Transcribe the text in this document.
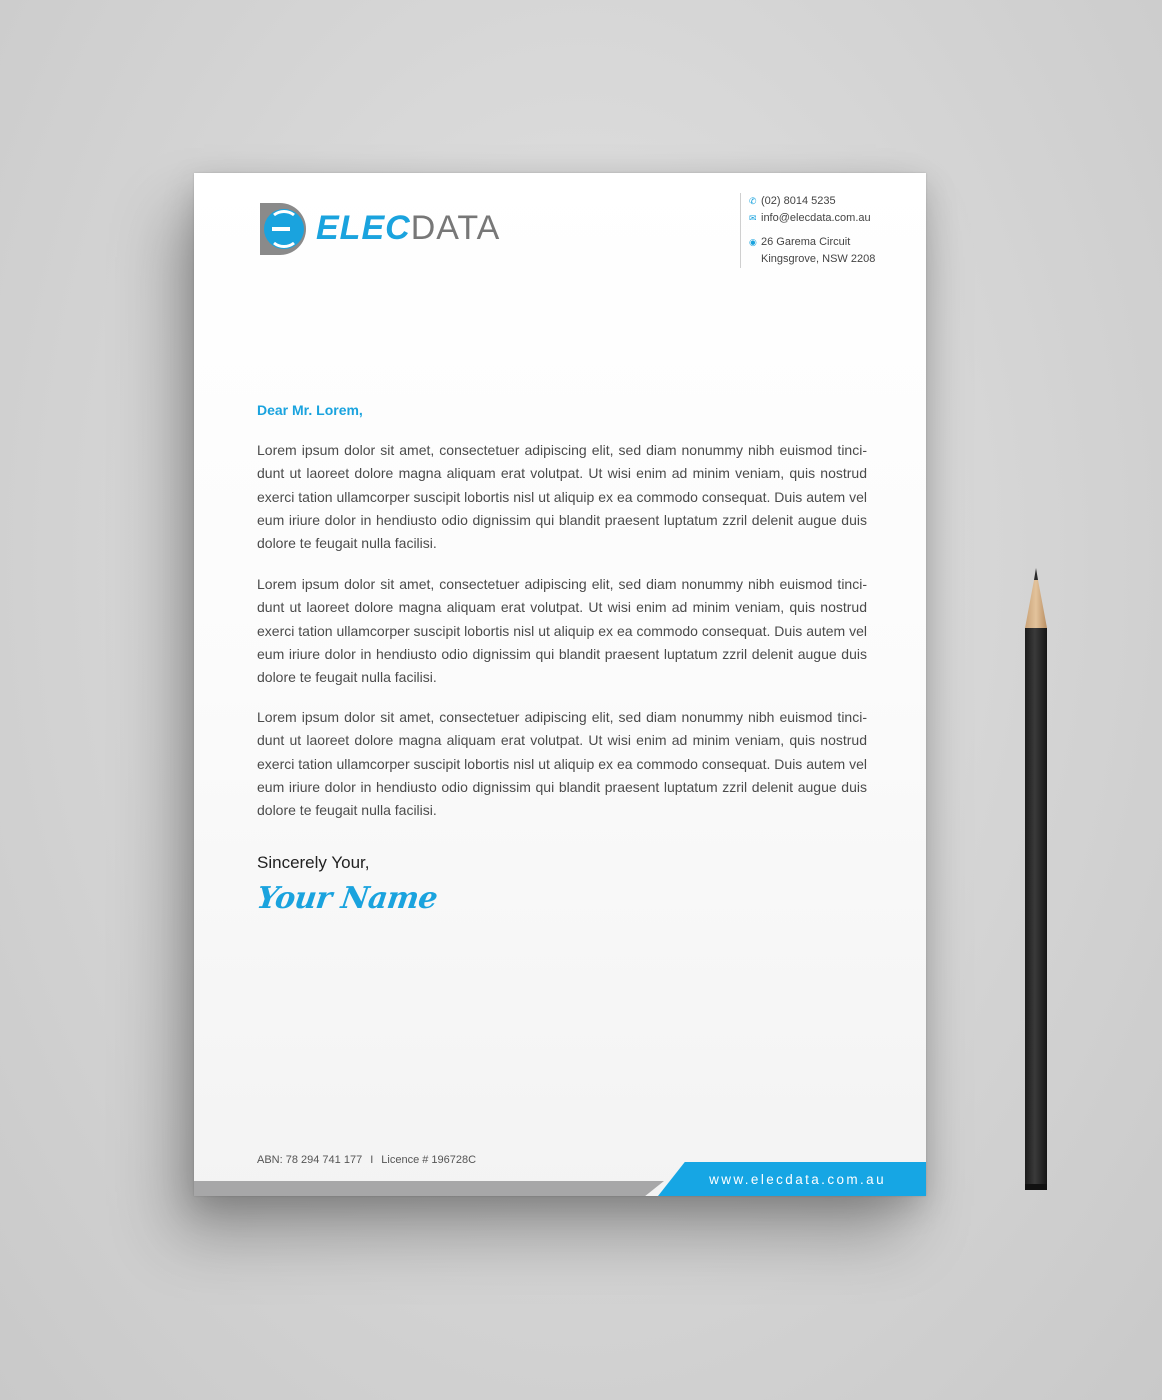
ELECDATA
✆ (02) 8014 5235
✉ info@elecdata.com.au
◉ 26 Garema Circuit
Kingsgrove, NSW 2208
Dear Mr. Lorem,
Lorem ipsum dolor sit amet, consectetuer adipiscing elit, sed diam nonummy nibh euismod tinci-dunt ut laoreet dolore magna aliquam erat volutpat. Ut wisi enim ad minim veniam, quis nostrud exerci tation ullamcorper suscipit lobortis nisl ut aliquip ex ea commodo consequat. Duis autem vel eum iriure dolor in hendiusto odio dignissim qui blandit praesent luptatum zzril delenit augue duis dolore te feugait nulla facilisi.
Lorem ipsum dolor sit amet, consectetuer adipiscing elit, sed diam nonummy nibh euismod tinci-dunt ut laoreet dolore magna aliquam erat volutpat. Ut wisi enim ad minim veniam, quis nostrud exerci tation ullamcorper suscipit lobortis nisl ut aliquip ex ea commodo consequat. Duis autem vel eum iriure dolor in hendiusto odio dignissim qui blandit praesent luptatum zzril delenit augue duis dolore te feugait nulla facilisi.
Lorem ipsum dolor sit amet, consectetuer adipiscing elit, sed diam nonummy nibh euismod tinci-dunt ut laoreet dolore magna aliquam erat volutpat. Ut wisi enim ad minim veniam, quis nostrud exerci tation ullamcorper suscipit lobortis nisl ut aliquip ex ea commodo consequat. Duis autem vel eum iriure dolor in hendiusto odio dignissim qui blandit praesent luptatum zzril delenit augue duis dolore te feugait nulla facilisi.
Sincerely Your,
Your Name
ABN: 78 294 741 177 I Licence # 196728C
www.elecdata.com.au
